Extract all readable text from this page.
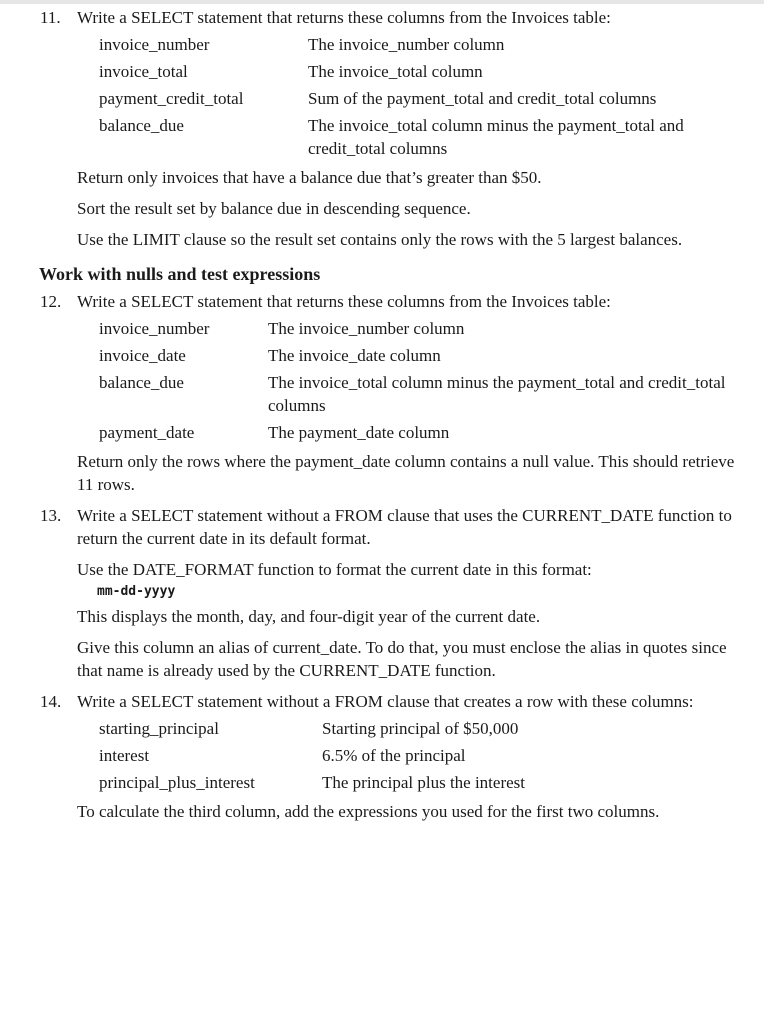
11. Write a SELECT statement that returns these columns from the Invoices table:

invoice_number	The invoice_number column
invoice_total	The invoice_total column
payment_credit_total	Sum of the payment_total and credit_total columns
balance_due	The invoice_total column minus the payment_total and credit_total columns

Return only invoices that have a balance due that’s greater than $50.

Sort the result set by balance due in descending sequence.

Use the LIMIT clause so the result set contains only the rows with the 5 largest balances.

Work with nulls and test expressions
12. Write a SELECT statement that returns these columns from the Invoices table:

invoice_number	The invoice_number column
invoice_date	The invoice_date column
balance_due	The invoice_total column minus the payment_total and credit_total columns
payment_date	The payment_date column

Return only the rows where the payment_date column contains a null value. This should retrieve 11 rows.

13. Write a SELECT statement without a FROM clause that uses the CURRENT_DATE function to return the current date in its default format.

Use the DATE_FORMAT function to format the current date in this format:

mm-dd-yyyy

This displays the month, day, and four-digit year of the current date.

Give this column an alias of current_date. To do that, you must enclose the alias in quotes since that name is already used by the CURRENT_DATE function.

14. Write a SELECT statement without a FROM clause that creates a row with these columns:

starting_principal	Starting principal of $50,000
interest	6.5% of the principal
principal_plus_interest	The principal plus the interest

To calculate the third column, add the expressions you used for the first two columns.
